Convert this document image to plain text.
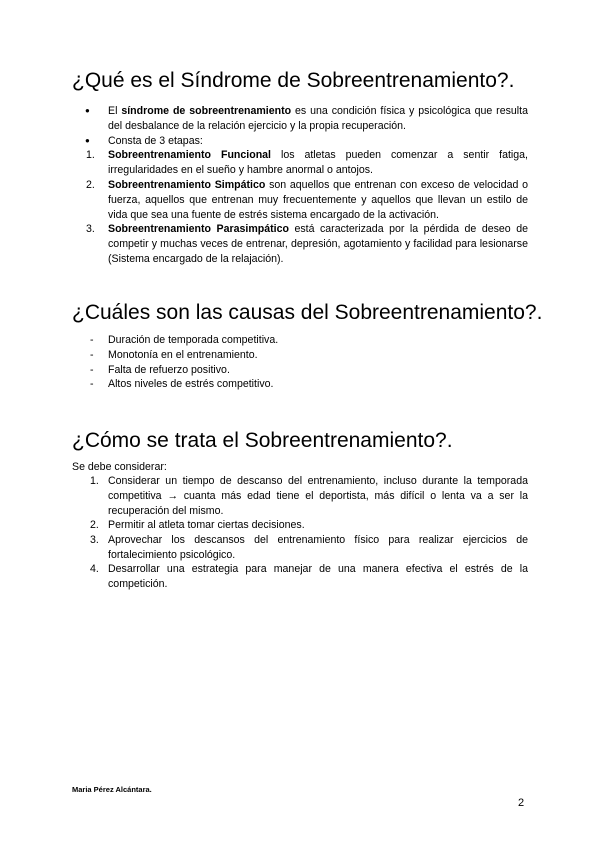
¿Qué es el Síndrome de Sobreentrenamiento?.
● El síndrome de sobreentrenamiento es una condición física y psicológica que resulta del desbalance de la relación ejercicio y la propia recuperación.
● Consta de 3 etapas:
1. Sobreentrenamiento Funcional los atletas pueden comenzar a sentir fatiga, irregularidades en el sueño y hambre anormal o antojos.
2. Sobreentrenamiento Simpático son aquellos que entrenan con exceso de velocidad o fuerza, aquellos que entrenan muy frecuentemente y aquellos que llevan un estilo de vida que sea una fuente de estrés sistema encargado de la activación.
3. Sobreentrenamiento Parasimpático está caracterizada por la pérdida de deseo de competir y muchas veces de entrenar, depresión, agotamiento y facilidad para lesionarse (Sistema encargado de la relajación).
¿Cuáles son las causas del Sobreentrenamiento?.
- Duración de temporada competitiva.
- Monotonía en el entrenamiento.
- Falta de refuerzo positivo.
- Altos niveles de estrés competitivo.
¿Cómo se trata el Sobreentrenamiento?.
Se debe considerar:
1. Considerar un tiempo de descanso del entrenamiento, incluso durante la temporada competitiva → cuanta más edad tiene el deportista, más difícil o lenta va a ser la recuperación del mismo.
2. Permitir al atleta tomar ciertas decisiones.
3. Aprovechar los descansos del entrenamiento físico para realizar ejercicios de fortalecimiento psicológico.
4. Desarrollar una estrategia para manejar de una manera efectiva el estrés de la competición.
Maria Pérez Alcántara.
2
